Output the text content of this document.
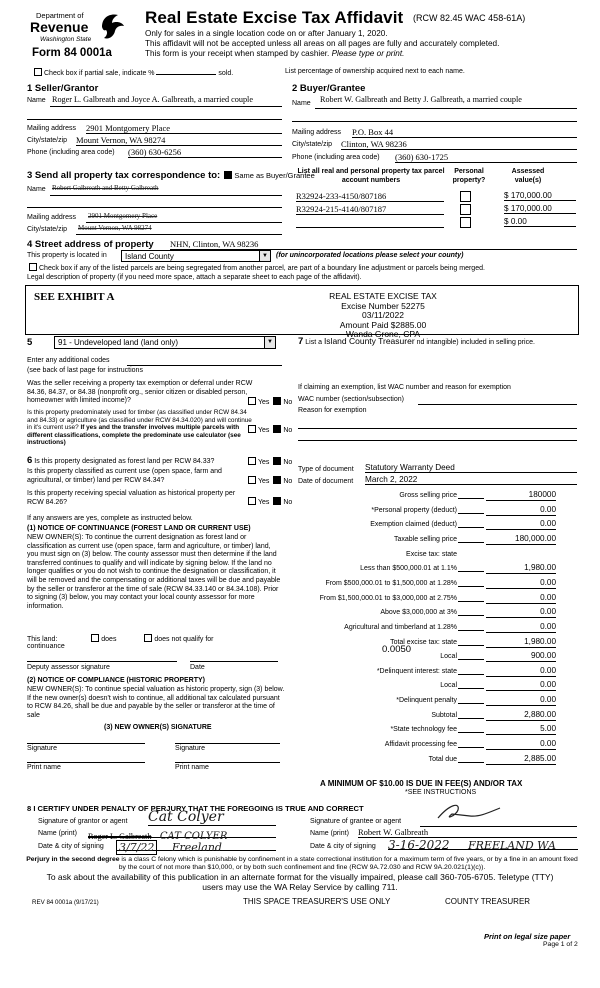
Department of
Revenue
Washington State
Form 84 0001a
Real Estate Excise Tax Affidavit (RCW 82.45 WAC 458-61A)
Only for sales in a single location code on or after January 1, 2020.
This affidavit will not be accepted unless all areas on all pages are fully and accurately completed.
This form is your receipt when stamped by cashier. Please type or print.
Check box if partial sale, indicate %	sold.	List percentage of ownership acquired next to each name.
1 Seller/Grantor
Name Roger L. Galbreath and Joyce A. Galbreath, a married couple
Mailing address 2901 Montgomery Place
City/state/zip Mount Vernon, WA 98274
Phone (including area code) (360) 630-6256
2 Buyer/Grantee
Name Robert W. Galbreath and Betty J. Galbreath, a married couple
Mailing address P.O. Box 44
City/state/zip Clinton, WA 98236
Phone (including area code) (360) 630-1725
3 Send all property tax correspondence to: Same as Buyer/Grantee
Name Robert Galbreath and Betty Galbreath
Mailing address 2901 Montgomery Place
City/state/zip Mount Vernon, WA 98274
List all real and personal property tax parcel account numbers
Personal property?
Assessed value(s)
R32924-233-4150/807186	$ 170,000.00
R32924-215-4140/807187	$ 170,000.00
$ 0.00
4 Street address of property NHN, Clinton, WA 98236
This property is located in	Island County	▼ (for unincorporated locations please select your county)
Check box if any of the listed parcels are being segregated from another parcel, are part of a boundary line adjustment or parcels being merged.
Legal description of property (if you need more space, attach a separate sheet to each page of the affidavit).
SEE EXHIBIT A	REAL ESTATE EXCISE TAX
Excise Number 52275
03/11/2022
Amount Paid $2885.00
Wanda Grone, CPA
5	91 - Undeveloped land (land only)	▼	7 List a Island County Treasurer nd intangible) included in selling price.
Enter any additional codes
(see back of last page for instructions
Was the seller receiving a property tax exemption or deferral under RCW 84.36, 84.37, or 84.38 (nonprofit org., senior citizen or disabled person, homeowner with limited income)?	Yes No
Is this property predominately used for timber (as classified under RCW 84.34 and 84.33) or agriculture (as classified under RCW 84.34.020) and will continue in it's current use? If yes and the transfer involves multiple parcels with different classifications, complete the predominate use calculator (see instructions)
Yes No
If claiming an exemption, list WAC number and reason for exemption
WAC number (section/subsection)
Reason for exemption
6 Is this property designated as forest land per RCW 84.33?	Yes No
Is this property classified as current use (open space, farm and agricultural, or timber) land per RCW 84.34?	Yes No
Is this property receiving special valuation as historical property per RCW 84.26?	Yes No
If any answers are yes, complete as instructed below.
(1) NOTICE OF CONTINUANCE (FOREST LAND OR CURRENT USE)
NEW OWNER(S): To continue the current designation as forest land or classification as current use (open space, farm and agriculture, or timber) land, you must sign on (3) below. The county assessor must then determine if the land transferred continues to qualify and will indicate by signing below. If the land no longer qualifies or you do not wish to continue the designation or classification, it will be removed and the compensating or additional taxes will be due and payable by the seller or transferor at the time of sale (RCW 84.33.140 or 84.34.108). Prior to signing (3) below, you may contact your local county assessor for more information.
This land:	does	does not qualify for
continuance
Deputy assessor signature	Date
(2) NOTICE OF COMPLIANCE (HISTORIC PROPERTY)
NEW OWNER(S): To continue special valuation as historic property, sign (3) below. If the new owner(s) doesn't wish to continue, all additional tax calculated pursuant to RCW 84.26, shall be due and payable by the seller or transferor at the time of sale
(3) NEW OWNER(S) SIGNATURE
Signature	Signature
Print name	Print name
Type of document Statutory Warranty Deed
Date of document March 2, 2022
Gross selling price	180000
*Personal property (deduct)	0.00
Exemption claimed (deduct)	0.00
Taxable selling price	180,000.00
Excise tax: state
Less than $500,000.01 at 1.1%	1,980.00
From $500,000.01 to $1,500,000 at 1.28%	0.00
From $1,500,000.01 to $3,000,000 at 2.75%	0.00
Above $3,000,000 at 3%	0.00
Agricultural and timberland at 1.28%	0.00
Total excise tax: state	1,980.00
Local	900.00
*Delinquent interest: state	0.00
Local	0.00
*Delinquent penalty	0.00
Subtotal	2,880.00
*State technology fee	5.00
Affidavit processing fee	0.00
Total due	2,885.00
0.0050
A MINIMUM OF $10.00 IS DUE IN FEE(S) AND/OR TAX
*SEE INSTRUCTIONS
8 I CERTIFY UNDER PENALTY OF PERJURY THAT THE FOREGOING IS TRUE AND CORRECT
Signature of grantor or agent Cat Colyer
Name (print) Roger L. Galbreath CAT COLYER
Date & city of signing 3/7/22 Freeland
Signature of grantee or agent
Name (print) Robert W. Galbreath
Date & city of signing 3-16-2022 FREELAND WA
Perjury in the second degree is a class C felony which is punishable by confinement in a state correctional institution for a maximum term of five years, or by a fine in an amount fixed by the court of not more than $10,000, or by both such confinement and fine (RCW 9A.72.030 and RCW 9A.20.021(1)(c)).
To ask about the availability of this publication in an alternate format for the visually impaired, please call 360-705-6705. Teletype (TTY) users may use the WA Relay Service by calling 711.
REV 84 0001a (9/17/21)	THIS SPACE TREASURER'S USE ONLY	COUNTY TREASURER
Print on legal size paper
Page 1 of 2
